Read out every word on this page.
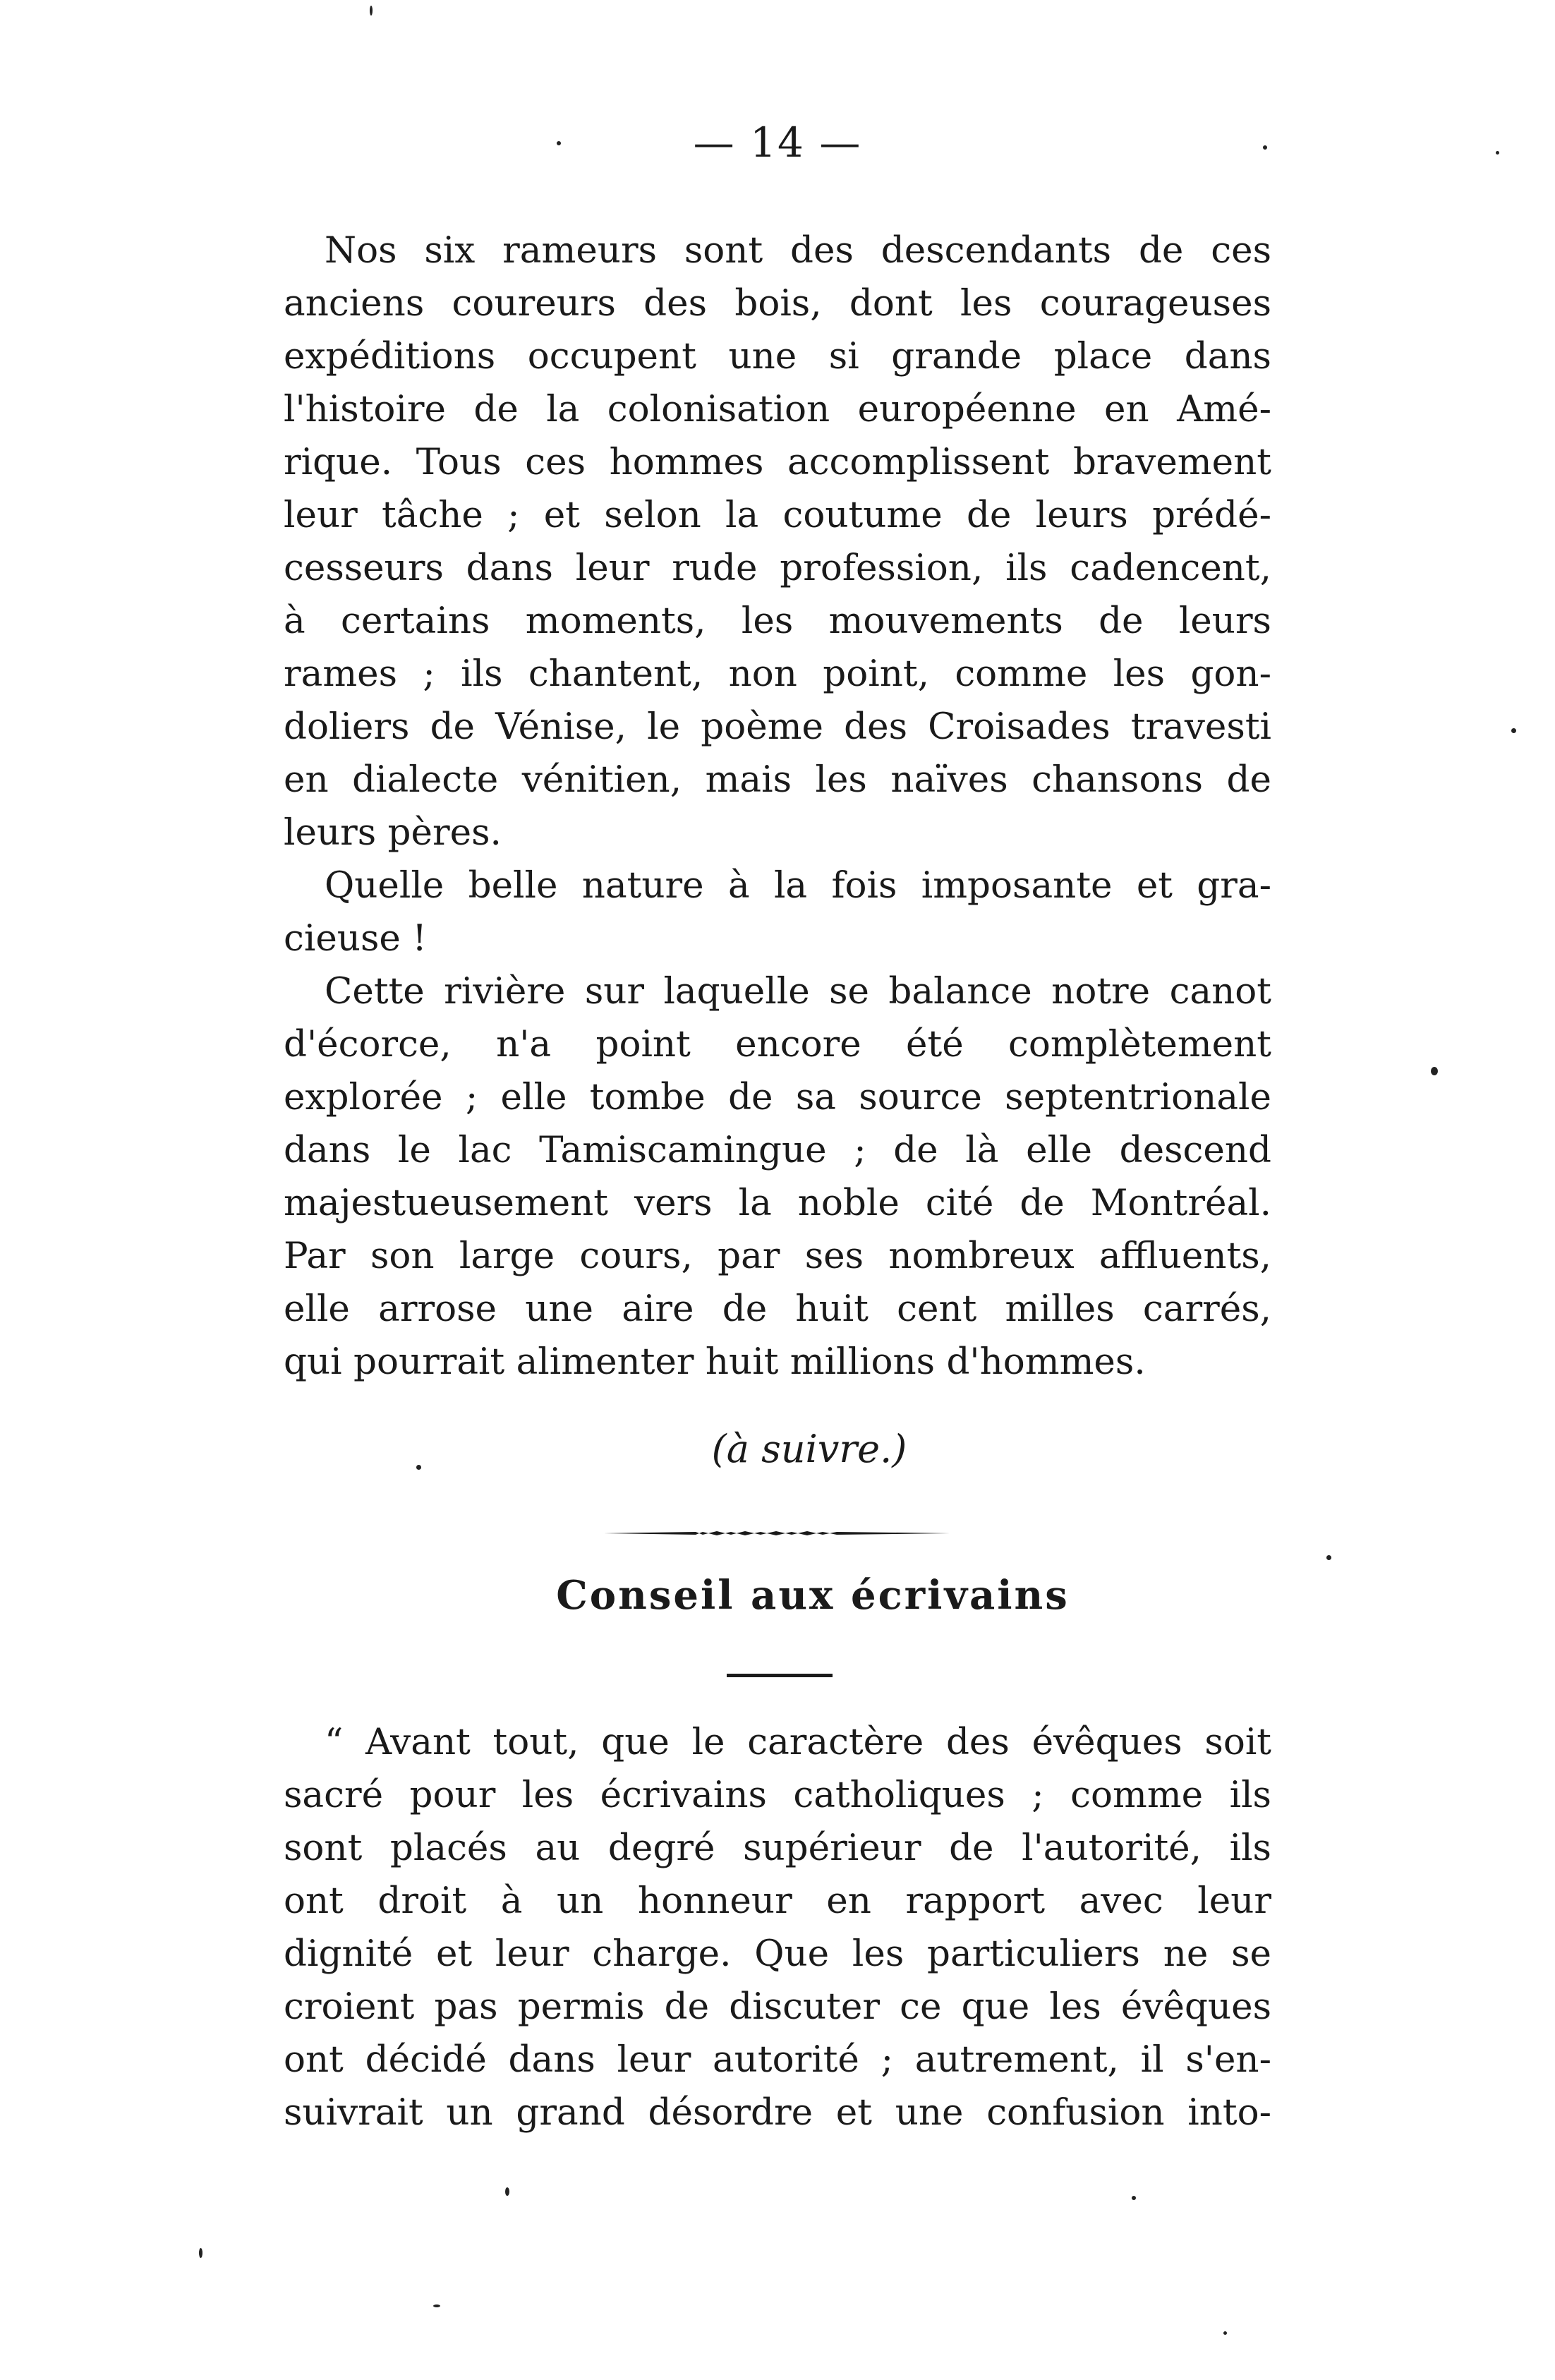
— 14 —
Nos six rameurs sont des descendants de ces
anciens coureurs des bois, dont les courageuses
expéditions occupent une si grande place dans
l'histoire de la colonisation européenne en Amé-
rique. Tous ces hommes accomplissent bravement
leur tâche ; et selon la coutume de leurs prédé-
cesseurs dans leur rude profession, ils cadencent,
à certains moments, les mouvements de leurs
rames ; ils chantent, non point, comme les gon-
doliers de Vénise, le poème des Croisades travesti
en dialecte vénitien, mais les naïves chansons de
leurs pères.
Quelle belle nature à la fois imposante et gra-
cieuse !
Cette rivière sur laquelle se balance notre canot
d'écorce, n'a point encore été complètement
explorée ; elle tombe de sa source septentrionale
dans le lac Tamiscamingue ; de là elle descend
majestueusement vers la noble cité de Montréal.
Par son large cours, par ses nombreux affluents,
elle arrose une aire de huit cent milles carrés,
qui pourrait alimenter huit millions d'hommes.
(à suivre.)
Conseil aux écrivains
“ Avant tout, que le caractère des évêques soit
sacré pour les écrivains catholiques ; comme ils
sont placés au degré supérieur de l'autorité, ils
ont droit à un honneur en rapport avec leur
dignité et leur charge. Que les particuliers ne se
croient pas permis de discuter ce que les évêques
ont décidé dans leur autorité ; autrement, il s'en-
suivrait un grand désordre et une confusion into-
